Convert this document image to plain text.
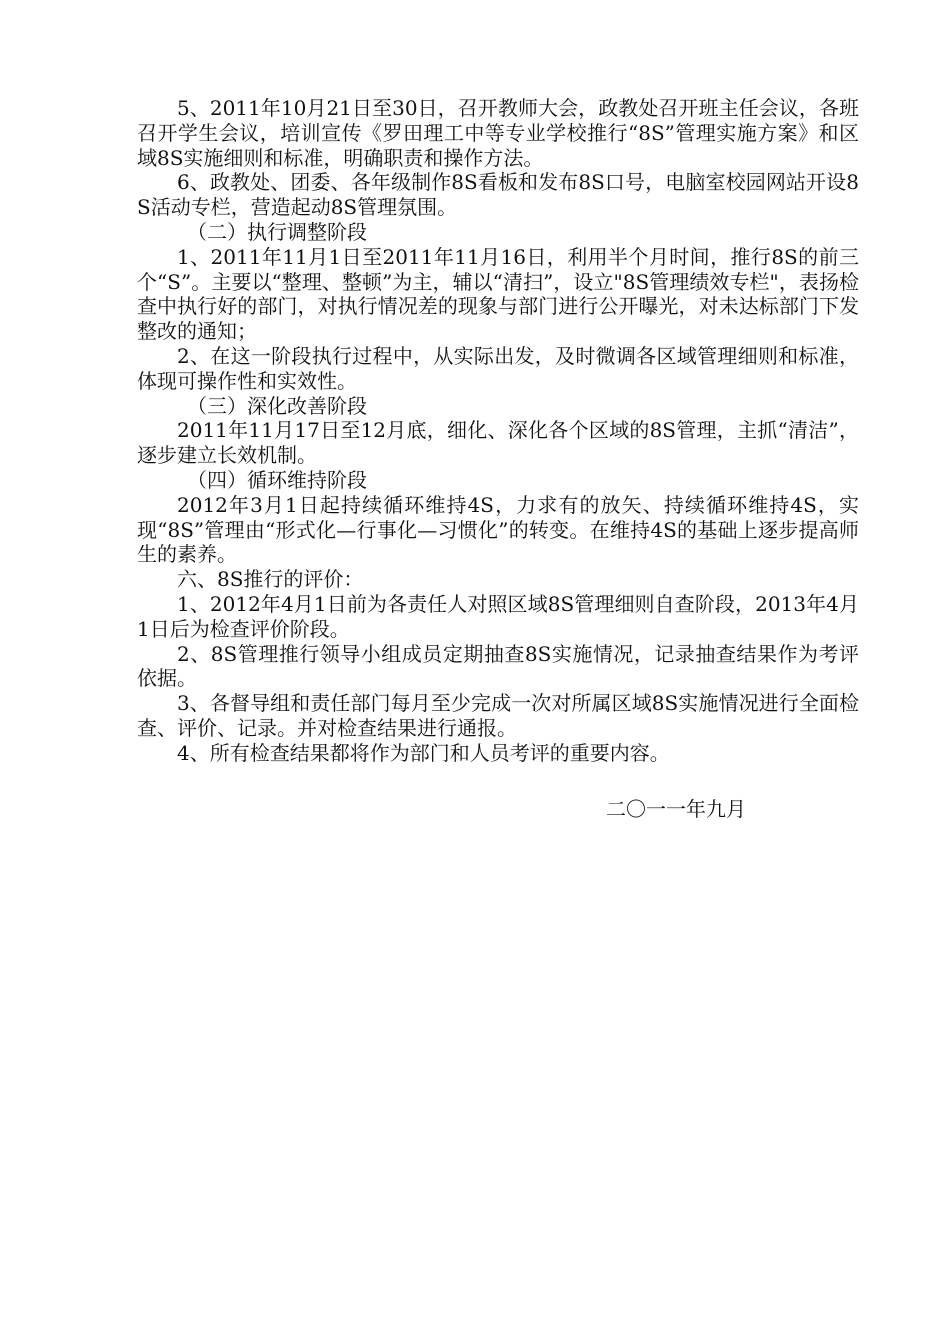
5、2011年10月21日至30日，召开教师大会，政教处召开班主任会议，各班召开学生会议，培训宣传《罗田理工中等专业学校推行“8S”管理实施方案》和区域8S实施细则和标准，明确职责和操作方法。

6、政教处、团委、各年级制作8S看板和发布8S口号，电脑室校园网站开设8S活动专栏，营造起动8S管理氛围。

（二）执行调整阶段

1、2011年11月1日至2011年11月16日，利用半个月时间，推行8S的前三个“S”。主要以“整理、整顿”为主，辅以“清扫”，设立"8S管理绩效专栏"，表扬检查中执行好的部门，对执行情况差的现象与部门进行公开曝光，对未达标部门下发整改的通知；

2、在这一阶段执行过程中，从实际出发，及时微调各区域管理细则和标准，体现可操作性和实效性。

（三）深化改善阶段

2011年11月17日至12月底，细化、深化各个区域的8S管理，主抓“清洁”， 逐步建立长效机制。

（四）循环维持阶段

2012年3月1日起持续循环维持4S，力求有的放矢、持续循环维持4S，实现“8S”管理由“形式化—行事化—习惯化”的转变。在维持4S的基础上逐步提高师生的素养。

六、8S推行的评价：

1、2012年4月1日前为各责任人对照区域8S管理细则自查阶段，2013年4月1日后为检查评价阶段。

2、8S管理推行领导小组成员定期抽查8S实施情况，记录抽查结果作为考评依据。

3、各督导组和责任部门每月至少完成一次对所属区域8S实施情况进行全面检查、评价、记录。并对检查结果进行通报。

4、所有检查结果都将作为部门和人员考评的重要内容。

二〇一一年九月
